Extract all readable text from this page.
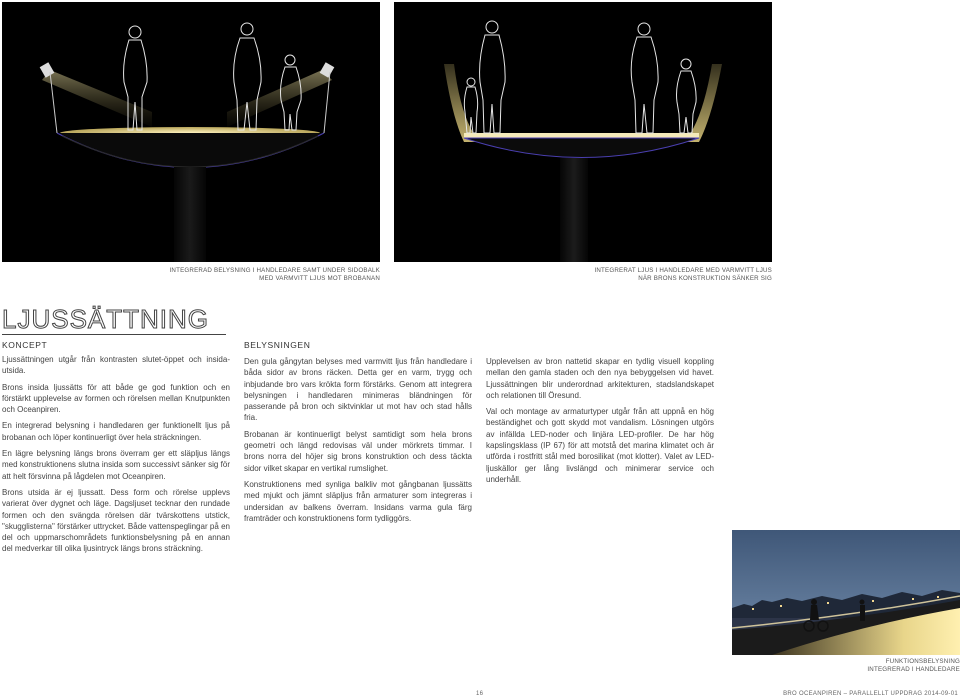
INTEGRERAD BELYSNING I HANDLEDARE SAMT UNDER SIDOBALK
MED VARMVITT LJUS MOT BROBANAN
INTEGRERAT LJUS I HANDLEDARE MED VARMVITT LJUS
NÄR BRONS KONSTRUKTION SÄNKER SIG
LJUSSÄTTNING
KONCEPT

Ljussättningen utgår från kontrasten slutet-öppet och insida-utsida.

Brons insida ljussätts för att både ge god funktion och en förstärkt upplevelse av formen och rörelsen mellan Knutpunkten och Oceanpiren.

En integrerad belysning i handledaren ger funktionellt ljus på brobanan och löper kontinuerligt över hela sträckningen.

En lägre belysning längs brons överram ger ett släpljus längs med konstruktionens slutna insida som successivt sänker sig för att helt försvinna på lågdelen mot Oceanpiren.

Brons utsida är ej ljussatt. Dess form och rörelse upplevs varierat över dygnet och läge. Dagsljuset tecknar den rundade formen och den svängda rörelsen där tvärskottens utstick, "skugglisterna" förstärker uttrycket. Både vattenspeglingar på en del och uppmarschområdets funktionsbelysning på en annan del medverkar till olika ljusintryck längs brons sträckning.

BELYSNINGEN

Den gula gångytan belyses med varmvitt ljus från handledare i båda sidor av brons räcken. Detta ger en varm, trygg och inbjudande bro vars krökta form förstärks. Genom att integrera belysningen i handledaren minimeras bländningen för passerande på bron och siktvinklar ut mot hav och stad hålls fria.

Brobanan är kontinuerligt belyst samtidigt som hela brons geometri och längd redovisas väl under mörkrets timmar. I brons norra del höjer sig brons konstruktion och dess täckta sidor vilket skapar en vertikal rumslighet.

Konstruktionens med synliga balkliv mot gångbanan ljussätts med mjukt och jämnt släpljus från armaturer som integreras i undersidan av balkens överram. Insidans varma gula färg framträder och konstruktionens form tydliggörs.

Upplevelsen av bron nattetid skapar en tydlig visuell koppling mellan den gamla staden och den nya bebyggelsen vid havet. Ljussättningen blir underordnad arkitekturen, stadslandskapet och relationen till Öresund.

Val och montage av armaturtyper utgår från att uppnå en hög beständighet och gott skydd mot vandalism. Lösningen utgörs av infällda LED-noder och linjära LED-profiler. De har hög kapslingsklass (IP 67) för att motstå det marina klimatet och är utförda i rostfritt stål med borosilikat (mot klotter). Valet av LED-ljuskällor ger lång livslängd och minimerar service och underhåll.

FUNKTIONSBELYSNING
INTEGRERAD I HANDLEDARE
16	BRO OCEANPIREN – PARALLELLT UPPDRAG 2014-09-01
